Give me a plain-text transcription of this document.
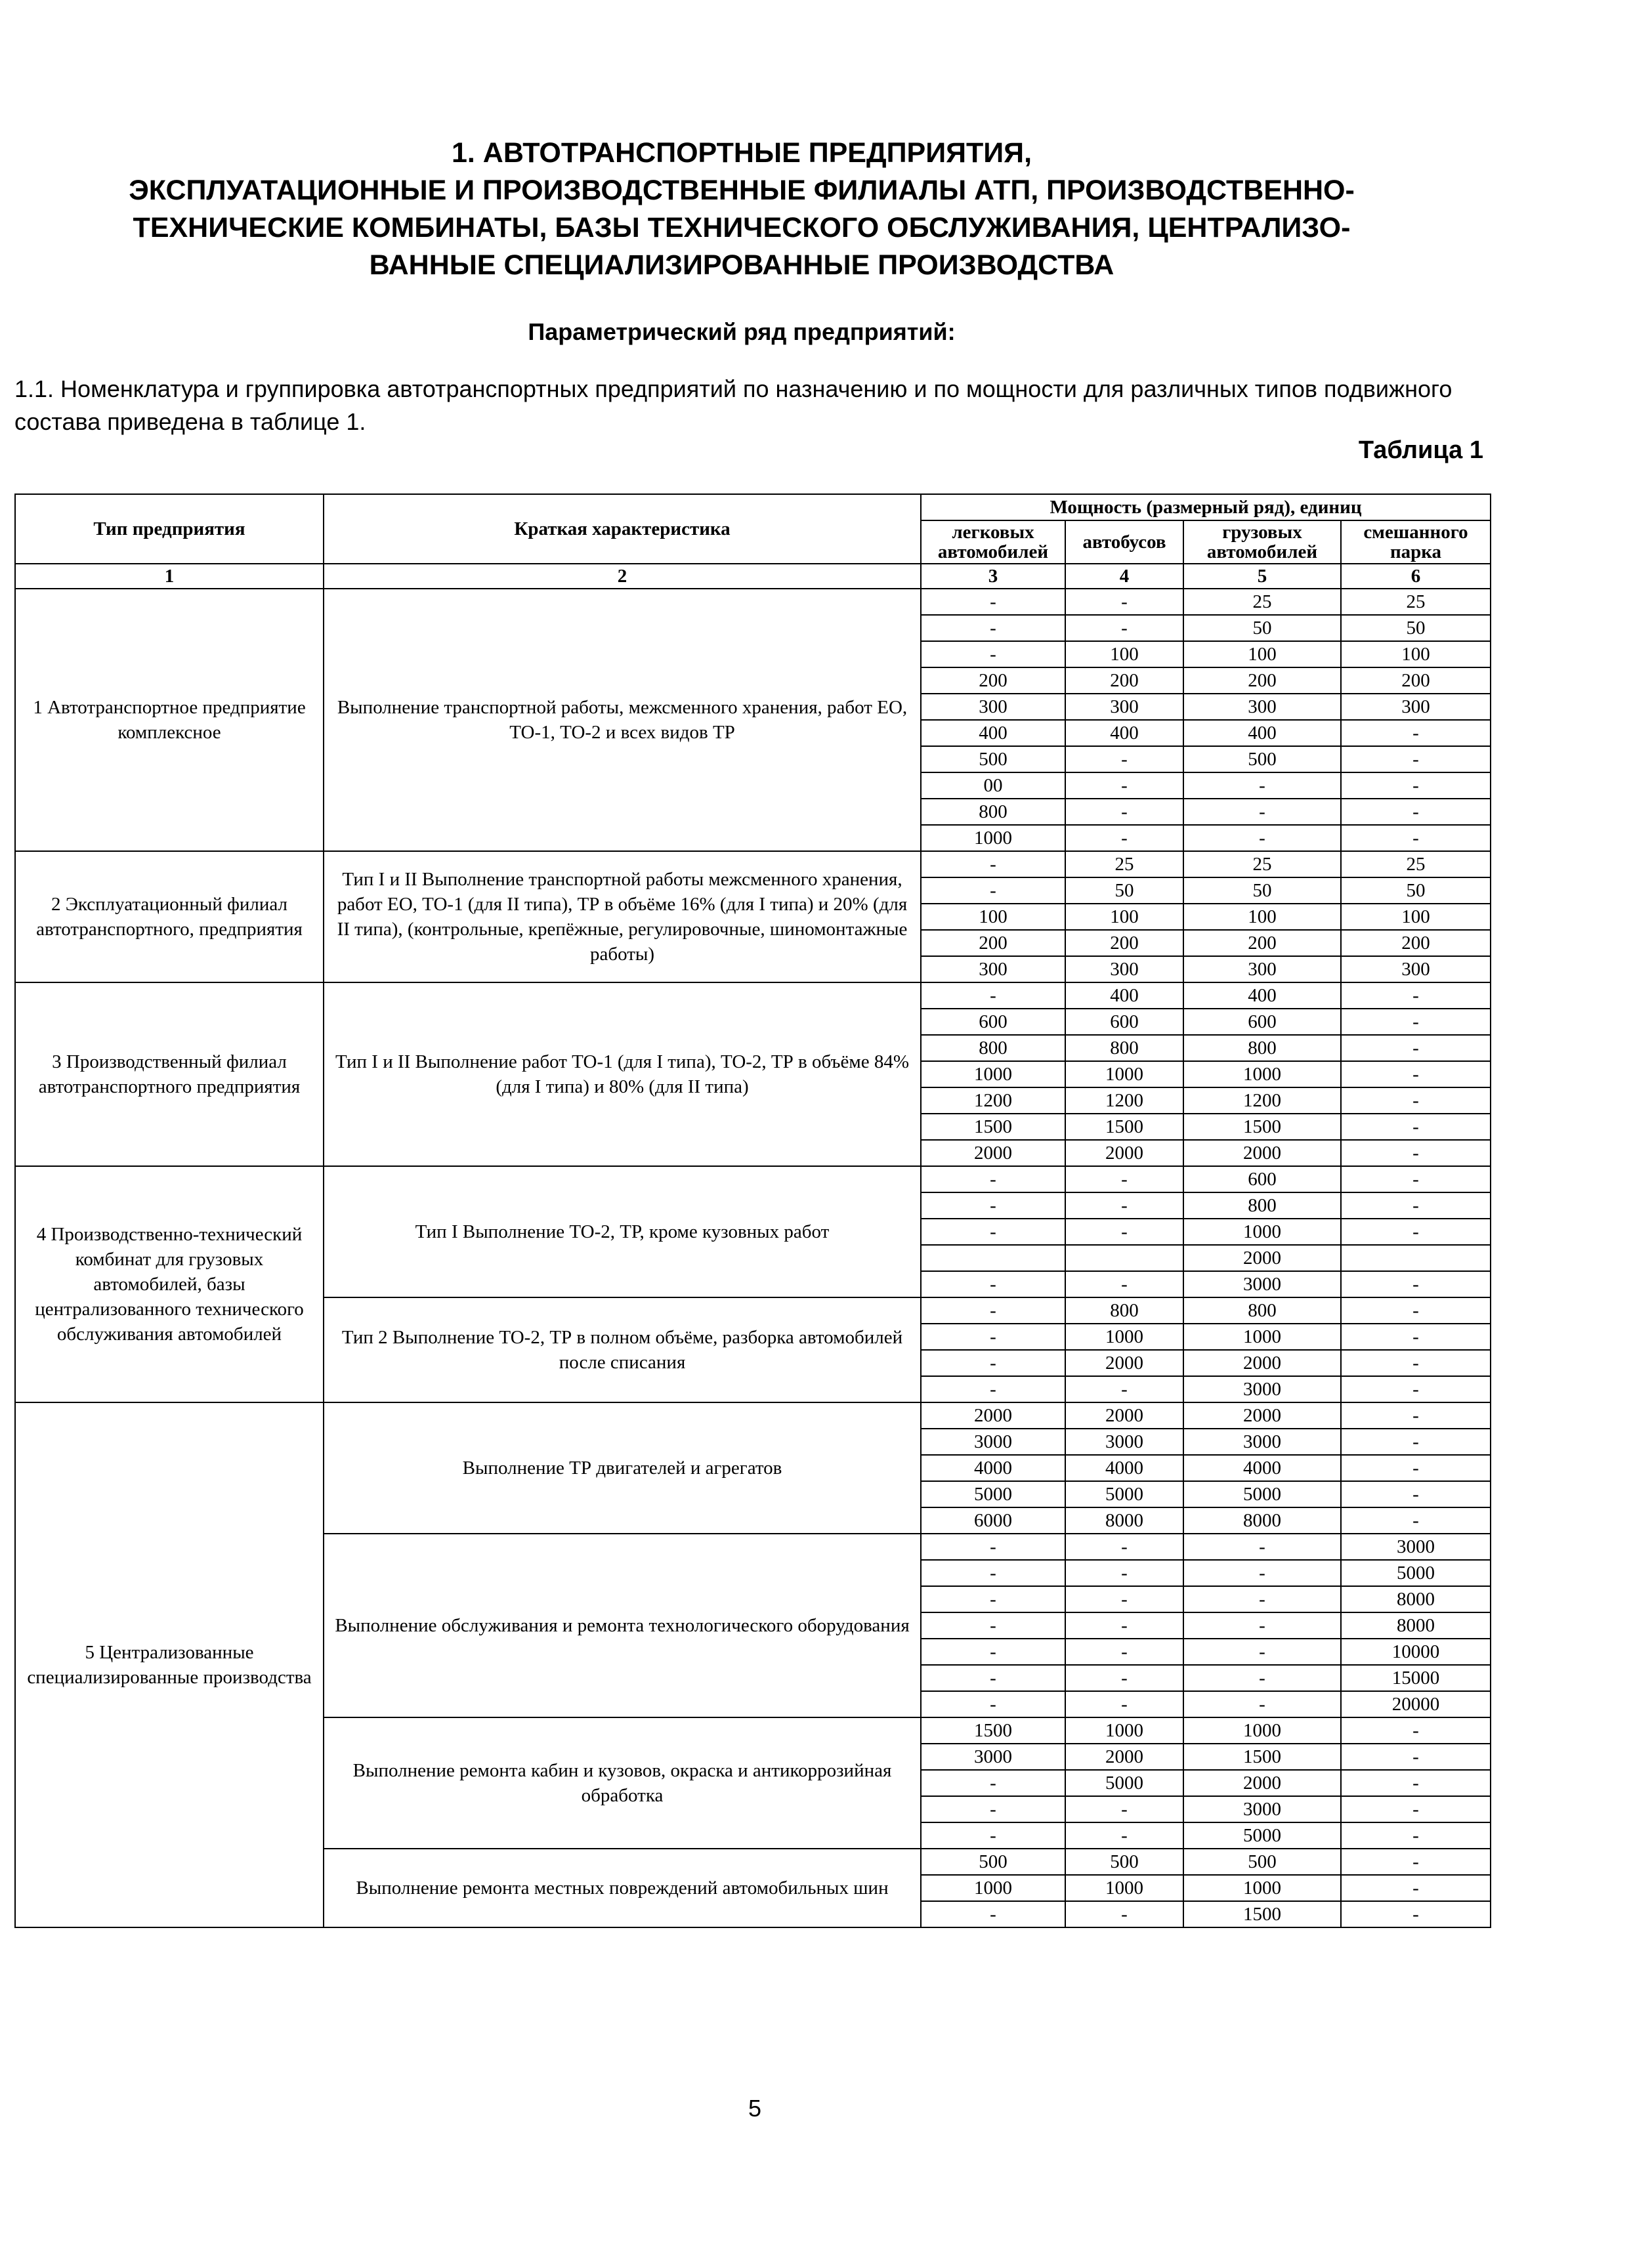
1. АВТОТРАНСПОРТНЫЕ ПРЕДПРИЯТИЯ,
ЭКСПЛУАТАЦИОННЫЕ И ПРОИЗВОДСТВЕННЫЕ ФИЛИАЛЫ АТП, ПРОИЗВОДСТВЕННО-
ТЕХНИЧЕСКИЕ КОМБИНАТЫ, БАЗЫ ТЕХНИЧЕСКОГО ОБСЛУЖИВАНИЯ, ЦЕНТРАЛИЗО-
ВАННЫЕ СПЕЦИАЛИЗИРОВАННЫЕ ПРОИЗВОДСТВА
Параметрический ряд предприятий:
1.1. Номенклатура и группировка автотранспортных предприятий по назначению и по мощности для различных типов подвижного состава приведена в таблице 1.
Таблица 1
Тип предприятия	Краткая характеристика	Мощность (размерный ряд), единиц			
		легковых автомобилей	автобусов	грузовых автомобилей	смешанного парка
1	2	3	4	5	6
1 Автотранспортное предприятие комплексное	Выполнение транспортной работы, межсменного хранения, работ ЕО, ТО-1, ТО-2 и всех видов ТР	-	-	25	25
		-	-	50	50
		-	100	100	100
		200	200	200	200
		300	300	300	300
		400	400	400	-
		500	-	500	-
		00	-	-	-
		800	-	-	-
		1000	-	-	-
2 Эксплуатационный филиал автотранспортного, предприятия	Тип I и II Выполнение транспортной работы межсменного хранения, работ ЕО, ТО-1 (для II типа), ТР в объёме 16% (для I типа) и 20% (для II типа), (контрольные, крепёжные, регулировочные, шиномонтажные работы)	-	25	25	25
		-	50	50	50
		100	100	100	100
		200	200	200	200
		300	300	300	300
3 Производственный филиал автотранспортного предприятия	Тип I и II Выполнение работ ТО-1 (для I типа), ТО-2, ТР в объёме 84% (для I типа) и 80% (для II типа)	-	400	400	-
		600	600	600	-
		800	800	800	-
		1000	1000	1000	-
		1200	1200	1200	-
		1500	1500	1500	-
		2000	2000	2000	-
4 Производственно-технический комбинат для грузовых автомобилей, базы централизованного технического обслуживания автомобилей	Тип I Выполнение ТО-2, ТР, кроме кузовных работ	-	-	600	-
		-	-	800	-
		-	-	1000	-
				2000	
		-	-	3000	-
	Тип 2 Выполнение ТО-2, ТР в полном объёме, разборка автомобилей после списания	-	800	800	-
		-	1000	1000	-
		-	2000	2000	-
		-	-	3000	-
5 Централизованные специализированные производства	Выполнение ТР двигателей и агрегатов	2000	2000	2000	-
		3000	3000	3000	-
		4000	4000	4000	-
		5000	5000	5000	-
		6000	8000	8000	-
	Выполнение обслуживания и ремонта технологического оборудования	-	-	-	3000
		-	-	-	5000
		-	-	-	8000
		-	-	-	8000
		-	-	-	10000
		-	-	-	15000
		-	-	-	20000
	Выполнение ремонта кабин и кузовов, окраска и антикоррозийная обработка	1500	1000	1000	-
		3000	2000	1500	-
		-	5000	2000	-
		-	-	3000	-
		-	-	5000	-
	Выполнение ремонта местных повреждений автомобильных шин	500	500	500	-
		1000	1000	1000	-
		-	-	1500	-
5
